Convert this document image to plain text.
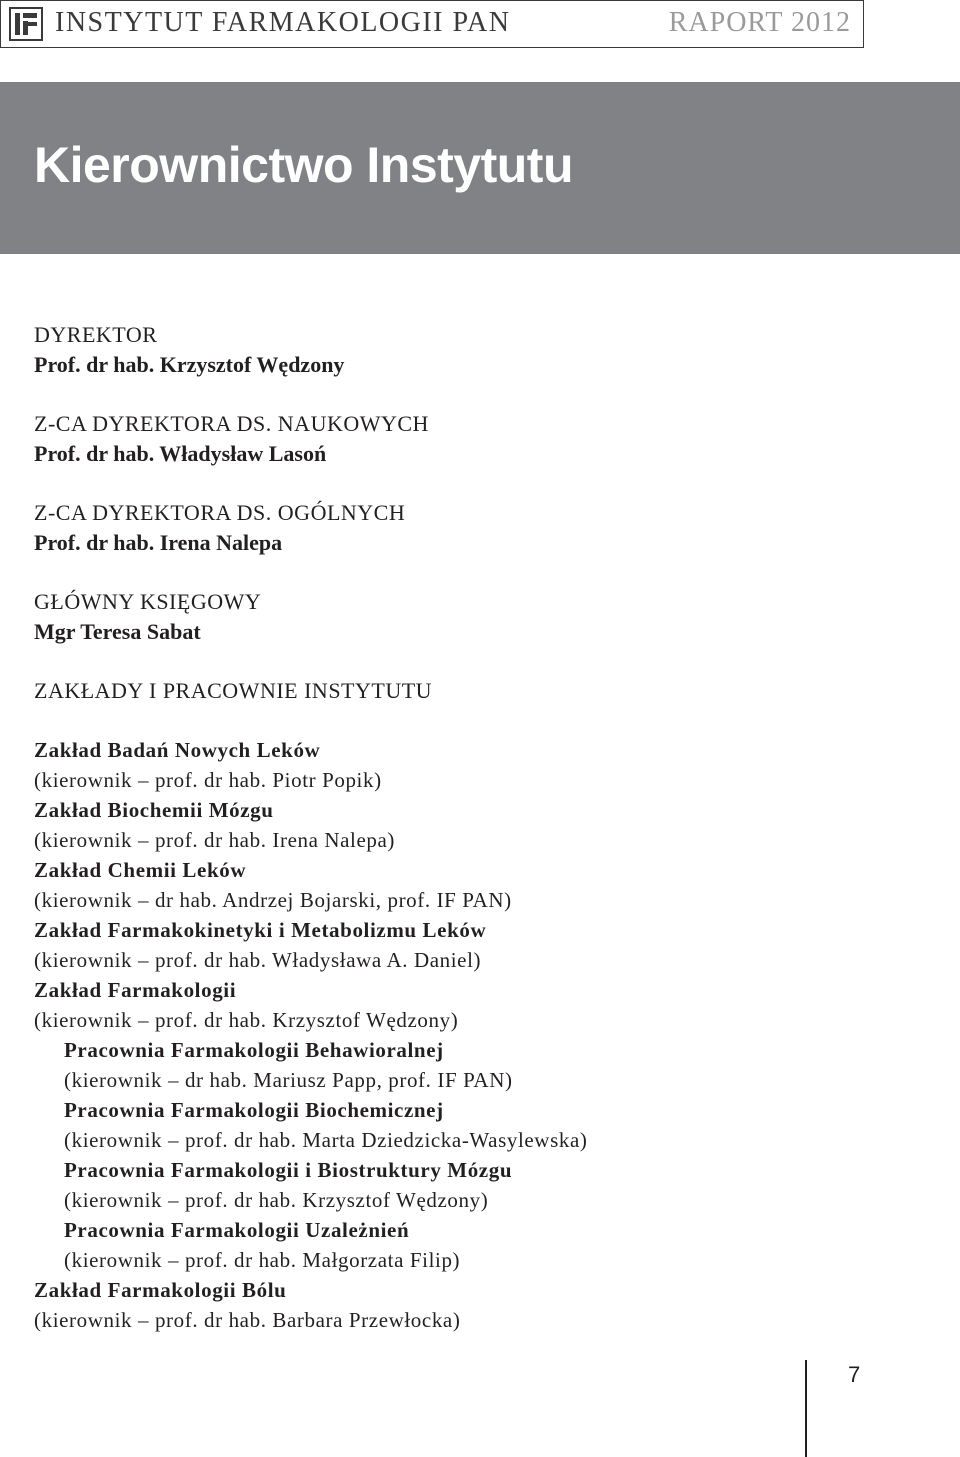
INSTYTUT FARMAKOLOGII PAN	RAPORT 2012
Kierownictwo Instytutu
DYREKTOR
Prof. dr hab. Krzysztof Wędzony
Z-CA DYREKTORA DS. NAUKOWYCH
Prof. dr hab. Władysław Lasoń
Z-CA DYREKTORA DS. OGÓLNYCH
Prof. dr hab. Irena Nalepa
GŁÓWNY KSIĘGOWY
Mgr Teresa Sabat
ZAKŁADY I PRACOWNIE INSTYTUTU
Zakład Badań Nowych Leków
(kierownik – prof. dr hab. Piotr Popik)
Zakład Biochemii Mózgu
(kierownik – prof. dr hab. Irena Nalepa)
Zakład Chemii Leków
(kierownik – dr hab. Andrzej Bojarski, prof. IF PAN)
Zakład Farmakokinetyki i Metabolizmu Leków
(kierownik – prof. dr hab. Władysława A. Daniel)
Zakład Farmakologii
(kierownik – prof. dr hab. Krzysztof Wędzony)
Pracownia Farmakologii Behawioralnej
(kierownik – dr hab. Mariusz Papp, prof. IF PAN)
Pracownia Farmakologii Biochemicznej
(kierownik – prof. dr hab. Marta Dziedzicka-Wasylewska)
Pracownia Farmakologii i Biostruktury Mózgu
(kierownik – prof. dr hab. Krzysztof Wędzony)
Pracownia Farmakologii Uzależnień
(kierownik – prof. dr hab. Małgorzata Filip)
Zakład Farmakologii Bólu
(kierownik – prof. dr hab. Barbara Przewłocka)
7
